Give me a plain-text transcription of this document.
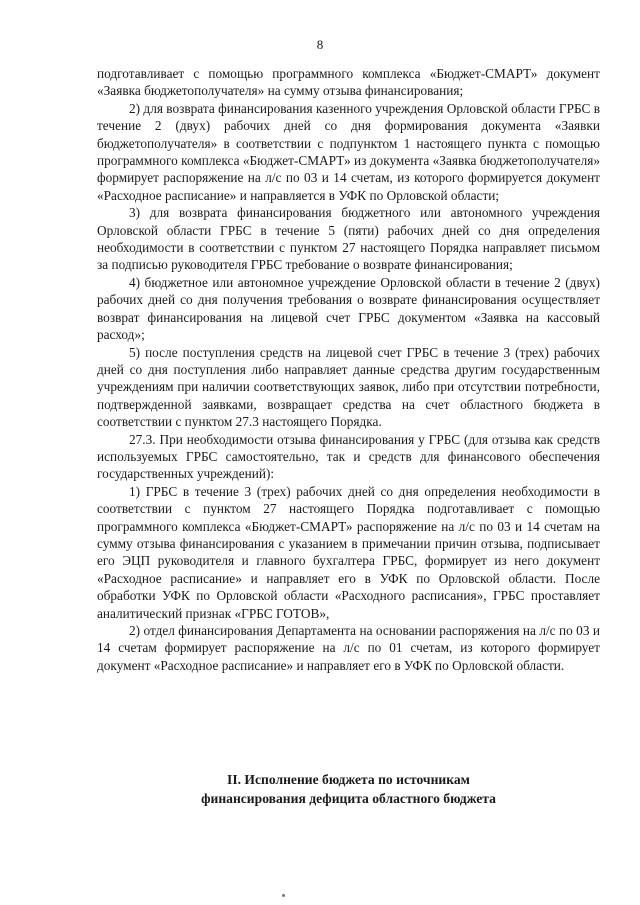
8

подготавливает с помощью программного комплекса «Бюджет-СМАРТ» документ «Заявка бюджетополучателя» на сумму отзыва финансирования;

2) для возврата финансирования казенного учреждения Орловской области ГРБС в течение 2 (двух) рабочих дней со дня формирования документа «Заявки бюджетополучателя» в соответствии с подпунктом 1 настоящего пункта с помощью программного комплекса «Бюджет-СМАРТ» из документа «Заявка бюджетополучателя» формирует распоряжение на л/с по 03 и 14 счетам, из которого формируется документ «Расходное расписание» и направляется в УФК по Орловской области;

3) для возврата финансирования бюджетного или автономного учреждения Орловской области ГРБС в течение 5 (пяти) рабочих дней со дня определения необходимости в соответствии с пунктом 27 настоящего Порядка направляет письмом за подписью руководителя ГРБС требование о возврате финансирования;

4) бюджетное или автономное учреждение Орловской области в течение 2 (двух) рабочих дней со дня получения требования о возврате финансирования осуществляет возврат финансирования на лицевой счет ГРБС документом «Заявка на кассовый расход»;

5) после поступления средств на лицевой счет ГРБС в течение 3 (трех) рабочих дней со дня поступления либо направляет данные средства другим государственным учреждениям при наличии соответствующих заявок, либо при отсутствии потребности, подтвержденной заявками, возвращает средства на счет областного бюджета в соответствии с пунктом 27.3 настоящего Порядка.

27.3. При необходимости отзыва финансирования у ГРБС (для отзыва как средств используемых ГРБС самостоятельно, так и средств для финансового обеспечения государственных учреждений):

1) ГРБС в течение 3 (трех) рабочих дней со дня определения необходимости в соответствии с пунктом 27 настоящего Порядка подготавливает с помощью программного комплекса «Бюджет-СМАРТ» распоряжение на л/с по 03 и 14 счетам на сумму отзыва финансирования с указанием в примечании причин отзыва, подписывает его ЭЦП руководителя и главного бухгалтера ГРБС, формирует из него документ «Расходное расписание» и направляет его в УФК по Орловской области. После обработки УФК по Орловской области «Расходного расписания», ГРБС проставляет аналитический признак «ГРБС ГОТОВ»,

2) отдел финансирования Департамента на основании распоряжения на л/с по 03 и 14 счетам формирует распоряжение на л/с по 01 счетам, из которого формирует документ «Расходное расписание» и направляет его в УФК по Орловской области.

II. Исполнение бюджета по источникам
финансирования дефицита областного бюджета
